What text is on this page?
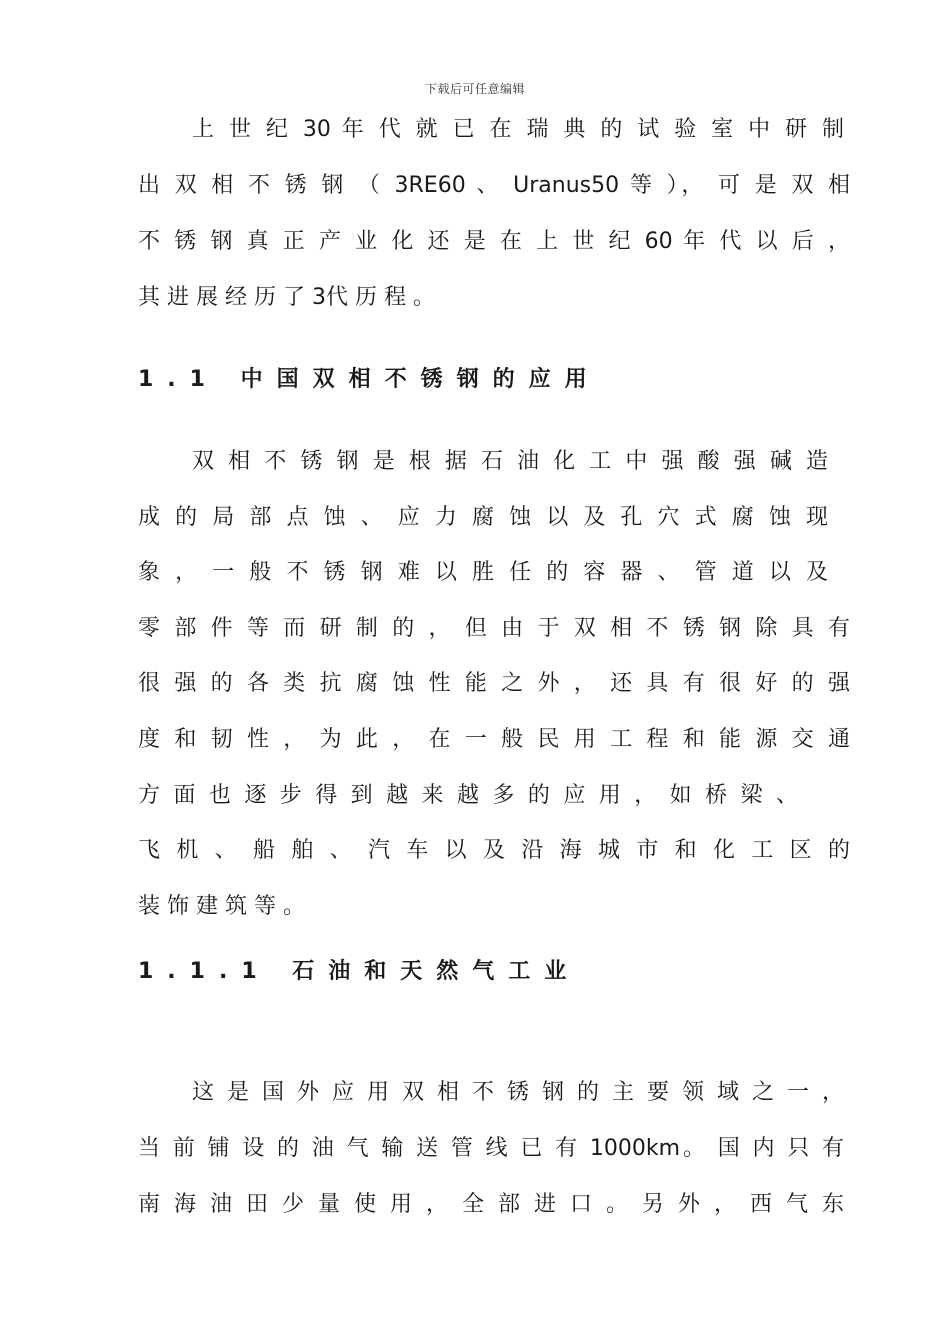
下载后可任意编辑
上 世 纪 30 年 代 就 已 在 瑞 典 的 试 验 室 中 研 制
出 双 相 不 锈 钢 （ 3RE60 、 Uranus50 等 ）， 可 是 双 相
不 锈 钢 真 正 产 业 化 还 是 在 上 世 纪 60 年 代 以 后 ，
其 进 展 经 历 了 3代 历 程 。
1.1 中国双相不锈钢的应用
双 相 不 锈 钢 是 根 据 石 油 化 工 中 强 酸 强 碱 造
成 的 局 部 点 蚀 、 应 力 腐 蚀 以 及 孔 穴 式 腐 蚀 现
象 ， 一 般 不 锈 钢 难 以 胜 任 的 容 器 、 管 道 以 及
零 部 件 等 而 研 制 的 ， 但 由 于 双 相 不 锈 钢 除 具 有
很 强 的 各 类 抗 腐 蚀 性 能 之 外 ， 还 具 有 很 好 的 强
度 和 韧 性 ， 为 此 ， 在 一 般 民 用 工 程 和 能 源 交 通
方 面 也 逐 步 得 到 越 来 越 多 的 应 用 ， 如 桥 梁 、
飞 机 、 船 舶 、 汽 车 以 及 沿 海 城 市 和 化 工 区 的
装 饰 建 筑 等 。
1.1.1 石油和天然气工业
这 是 国 外 应 用 双 相 不 锈 钢 的 主 要 领 域 之 一 ，
当 前 铺 设 的 油 气 输 送 管 线 已 有 1000km。 国 内 只 有
南 海 油 田 少 量 使 用 ， 全 部 进 口 。 另 外 ， 西 气 东
